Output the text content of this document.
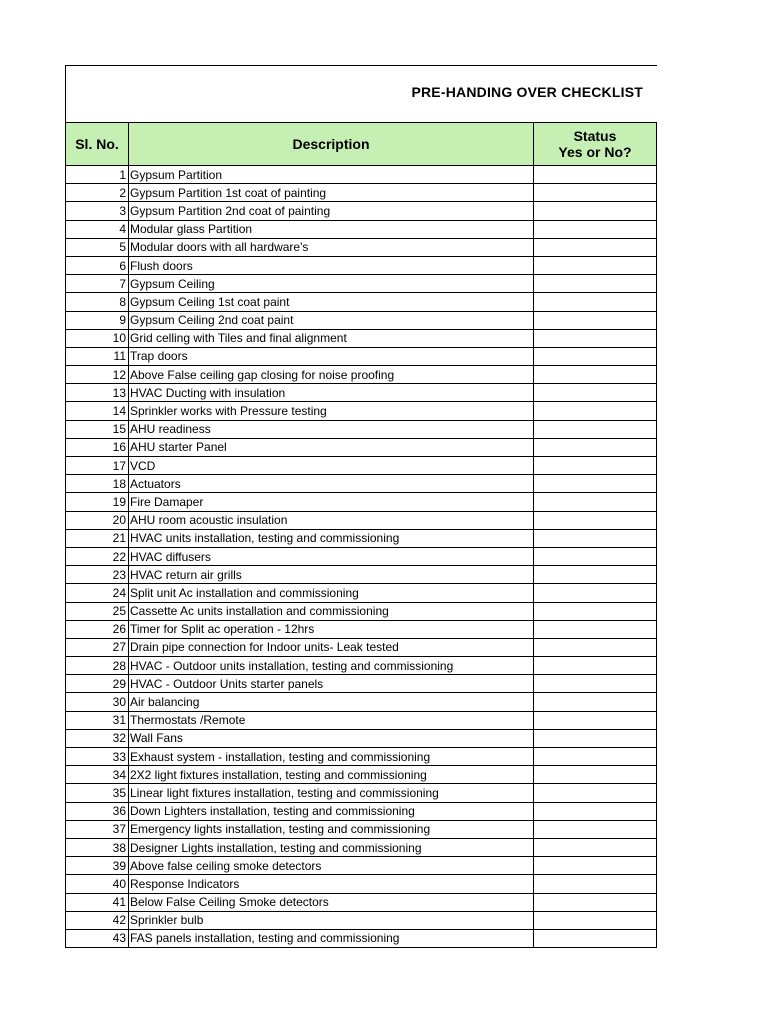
PRE-HANDING OVER CHECKLIST
Sl. No.	Description	Status
Yes or No?

1	Gypsum Partition	
2	Gypsum Partition 1st coat of painting	
3	Gypsum Partition 2nd coat of painting	
4	Modular glass Partition	
5	Modular doors with all hardware's	
6	Flush doors	
7	Gypsum Ceiling	
8	Gypsum Ceiling 1st coat paint	
9	Gypsum Ceiling 2nd coat paint	
10	Grid celling with Tiles and final alignment	
11	Trap doors	
12	Above False ceiling gap closing for noise proofing	
13	HVAC Ducting with insulation	
14	Sprinkler works with Pressure testing	
15	AHU readiness	
16	AHU starter Panel	
17	VCD	
18	Actuators	
19	Fire Damaper	
20	AHU room acoustic insulation	
21	HVAC units installation, testing and commissioning	
22	HVAC diffusers	
23	HVAC return air grills	
24	Split unit Ac installation and commissioning	
25	Cassette Ac units installation and commissioning	
26	Timer for Split ac operation - 12hrs	
27	Drain pipe connection for Indoor units- Leak tested	
28	HVAC - Outdoor units installation, testing and commissioning	
29	HVAC - Outdoor Units starter panels	
30	Air balancing	
31	Thermostats /Remote	
32	Wall Fans	
33	Exhaust system - installation, testing and commissioning	
34	2X2 light fixtures installation, testing and commissioning	
35	Linear light fixtures installation, testing and commissioning	
36	Down Lighters installation, testing and commissioning	
37	Emergency lights installation, testing and commissioning	
38	Designer Lights installation, testing and commissioning	
39	Above false ceiling smoke detectors	
40	Response Indicators	
41	Below False Ceiling Smoke detectors	
42	Sprinkler bulb	
43	FAS panels installation, testing and commissioning	
